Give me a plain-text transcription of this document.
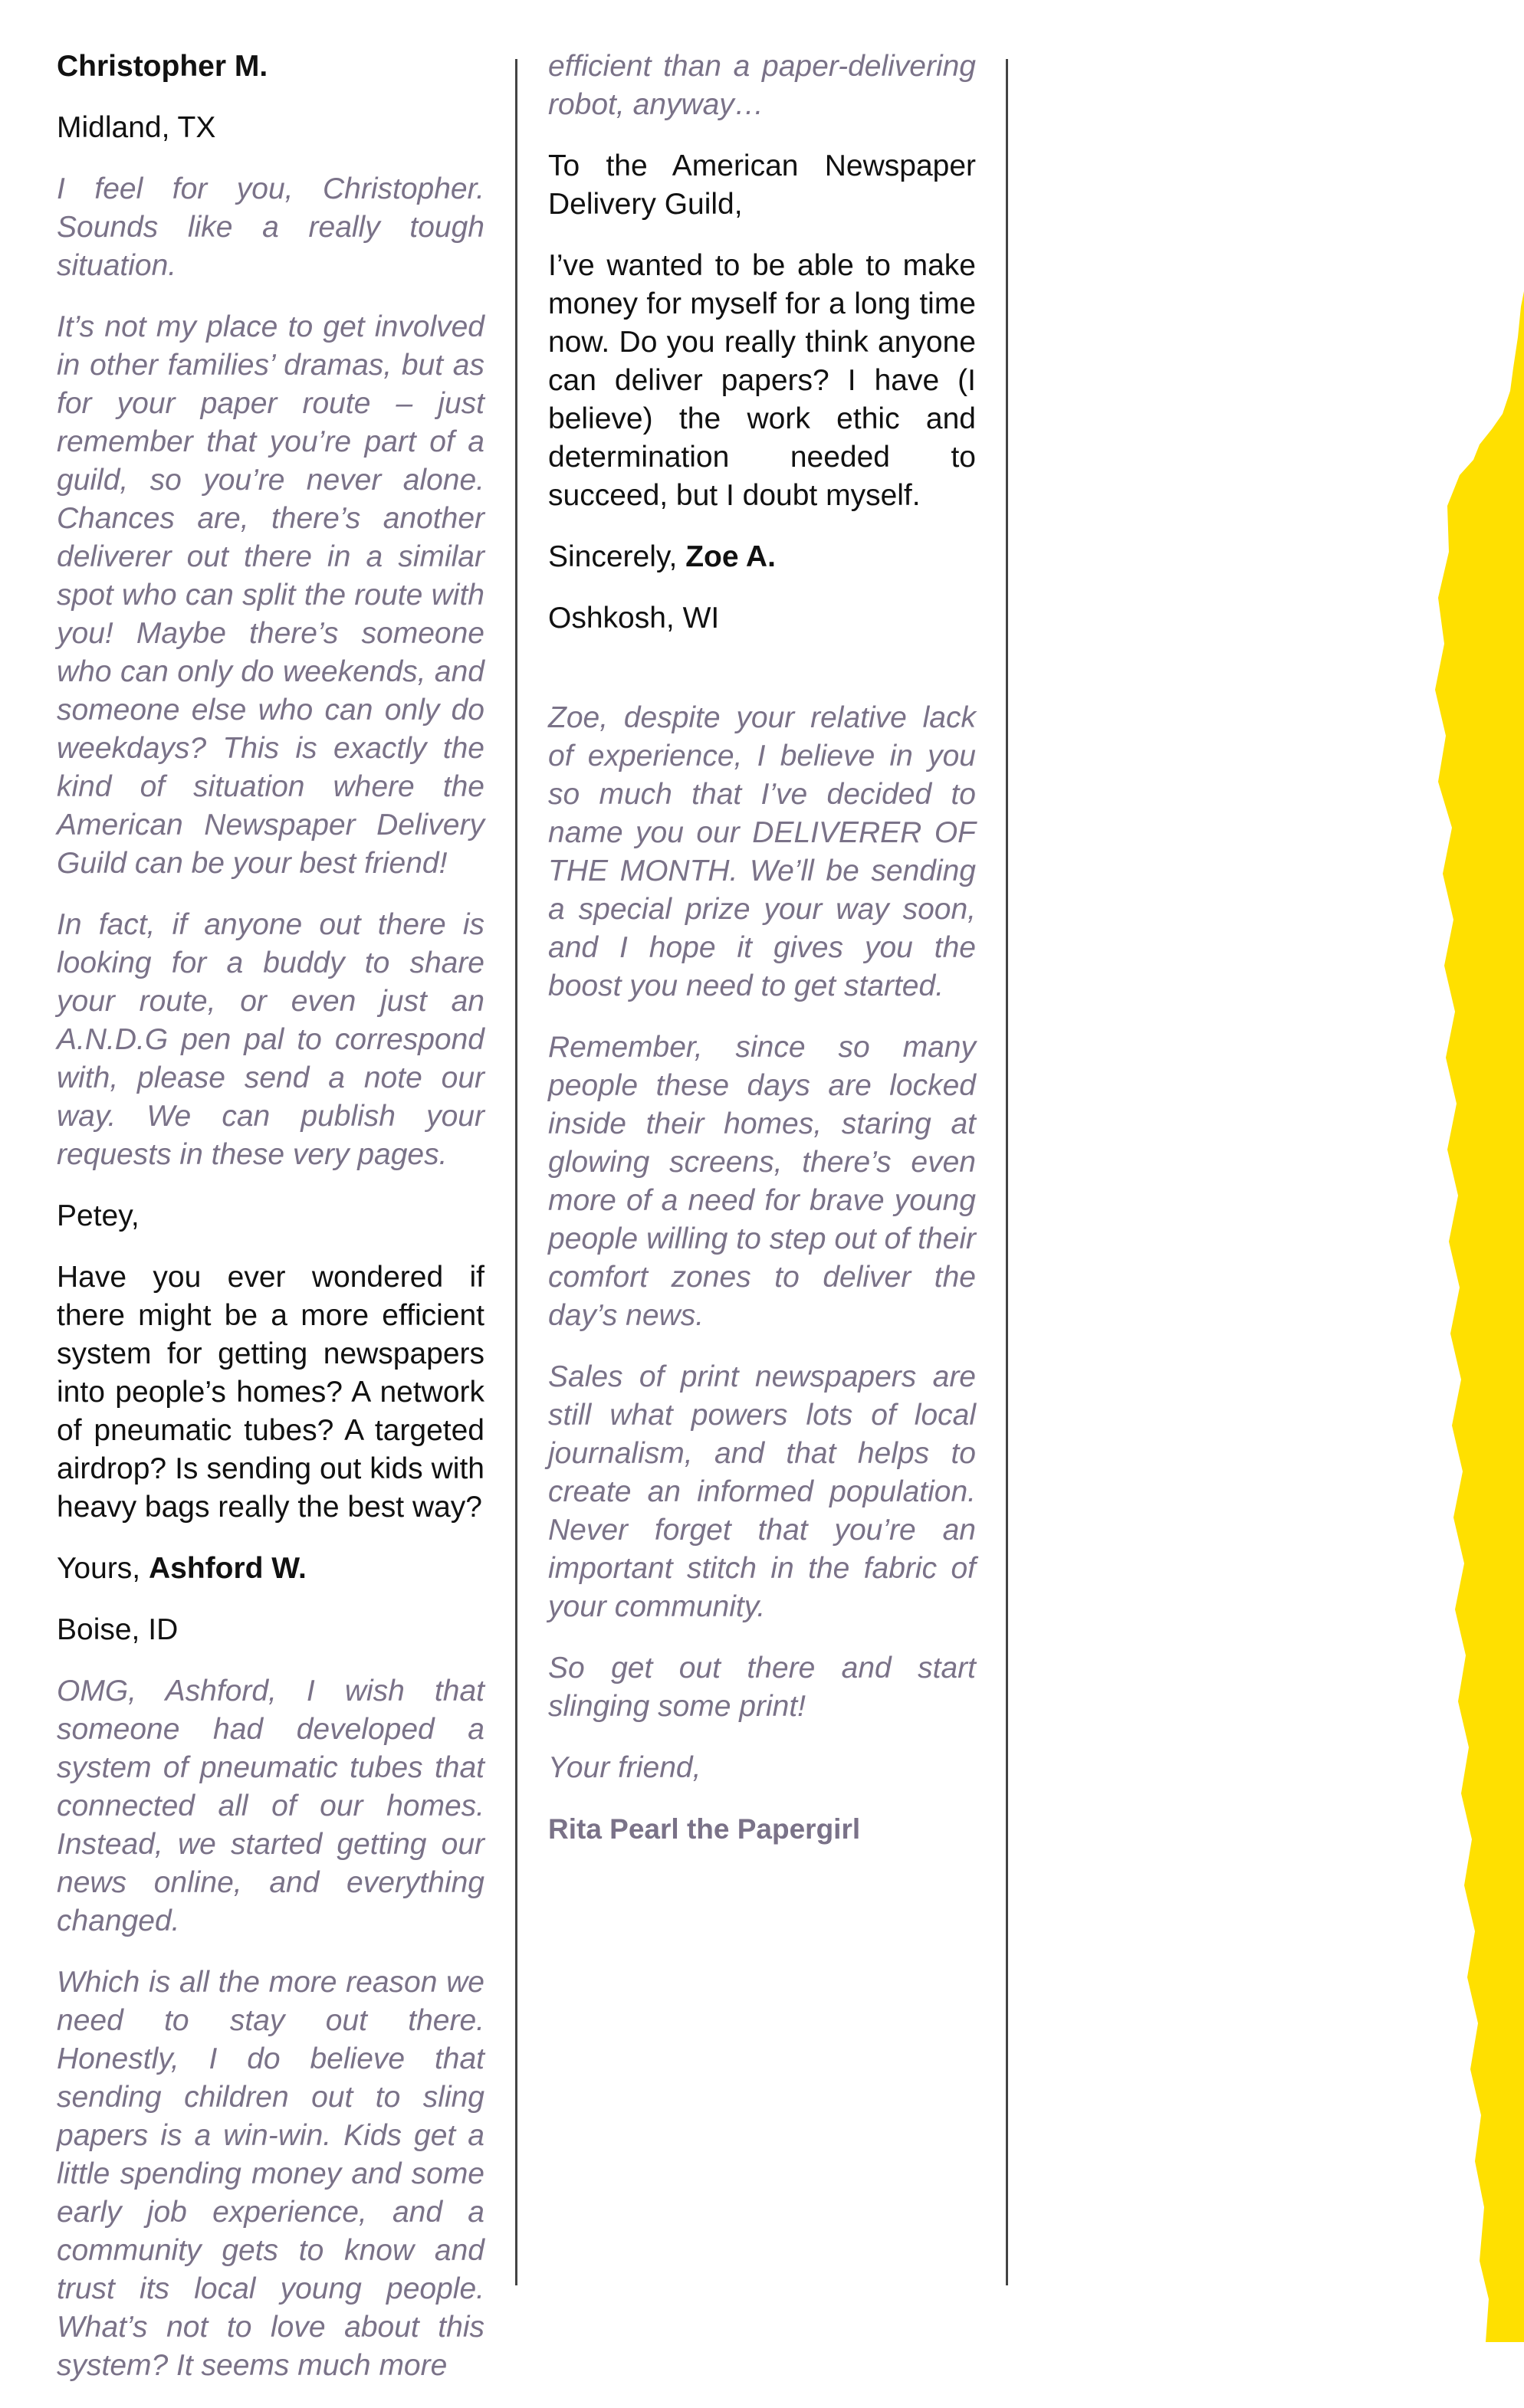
Christopher M.

Midland, TX

I feel for you, Christopher. Sounds like a really tough situation.

It’s not my place to get involved in other families’ dramas, but as for your paper route – just remember that you’re part of a guild, so you’re never alone. Chances are, there’s another deliverer out there in a similar spot who can split the route with you! Maybe there’s someone who can only do weekends, and someone else who can only do weekdays? This is exactly the kind of situation where the American Newspaper Delivery Guild can be your best friend!

In fact, if anyone out there is looking for a buddy to share your route, or even just an A.N.D.G pen pal to correspond with, please send a note our way. We can publish your requests in these very pages.

Petey,

Have you ever wondered if there might be a more efficient system for getting newspapers into people’s homes? A network of pneumatic tubes? A targeted airdrop? Is sending out kids with heavy bags really the best way?

Yours, Ashford W.

Boise, ID

OMG, Ashford, I wish that someone had developed a system of pneumatic tubes that connected all of our homes. Instead, we started getting our news online, and everything changed.

Which is all the more reason we need to stay out there. Honestly, I do believe that sending children out to sling papers is a win-win. Kids get a little spending money and some early job experience, and a community gets to know and trust its local young people. What’s not to love about this system? It seems much more

efficient than a paper-delivering robot, anyway…

To the American Newspaper Delivery Guild,

I’ve wanted to be able to make money for myself for a long time now. Do you really think anyone can deliver papers? I have (I believe) the work ethic and determination needed to succeed, but I doubt myself.

Sincerely, Zoe A.

Oshkosh, WI

Zoe, despite your relative lack of experience, I believe in you so much that I’ve decided to name you our DELIVERER OF THE MONTH. We’ll be sending a special prize your way soon, and I hope it gives you the boost you need to get started.

Remember, since so many people these days are locked inside their homes, staring at glowing screens, there’s even more of a need for brave young people willing to step out of their comfort zones to deliver the day’s news.

Sales of print newspapers are still what powers lots of local journalism, and that helps to create an informed population. Never forget that you’re an important stitch in the fabric of your community.

So get out there and start slinging some print!

Your friend,

Rita Pearl the Papergirl
